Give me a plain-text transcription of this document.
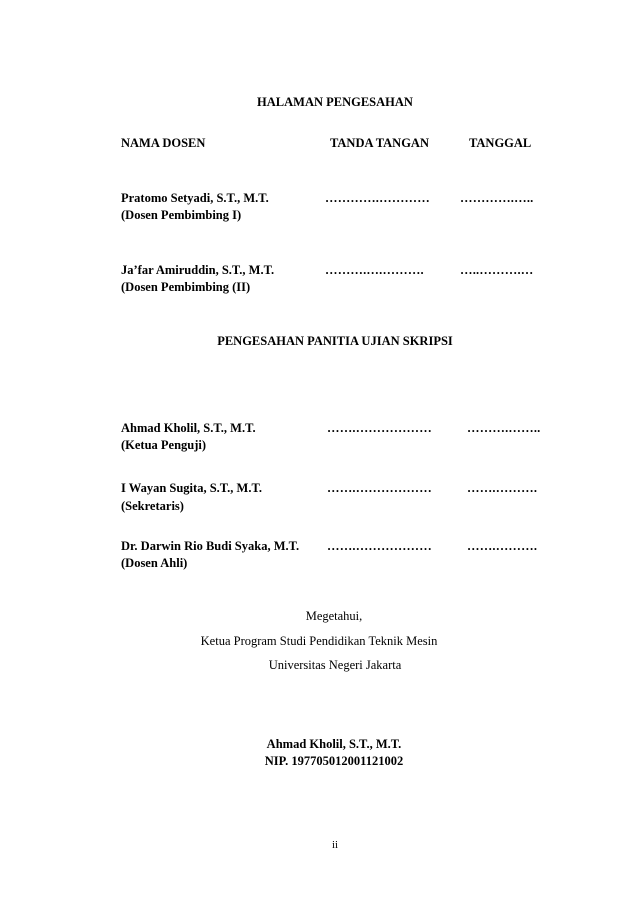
HALAMAN PENGESAHAN
NAMA DOSEN	TANDA TANGAN	TANGGAL
Pratomo Setyadi, S.T., M.T.
(Dosen Pembimbing I)
………….………… ………….…..
Ja’far Amiruddin, S.T., M.T.
(Dosen Pembimbing (II)
……….….……….	…..……….…
PENGESAHAN PANITIA UJIAN SKRIPSI
Ahmad Kholil, S.T., M.T.
(Ketua Penguji)
…….………………	……….……..
I Wayan Sugita, S.T., M.T.
(Sekretaris)
…….………………	…….……….
Dr. Darwin Rio Budi Syaka, M.T.
(Dosen Ahli)
…….………………	…….……….
Megetahui,
Ketua Program Studi Pendidikan Teknik Mesin
Universitas Negeri Jakarta
Ahmad Kholil, S.T., M.T.
NIP. 197705012001121002
ii
